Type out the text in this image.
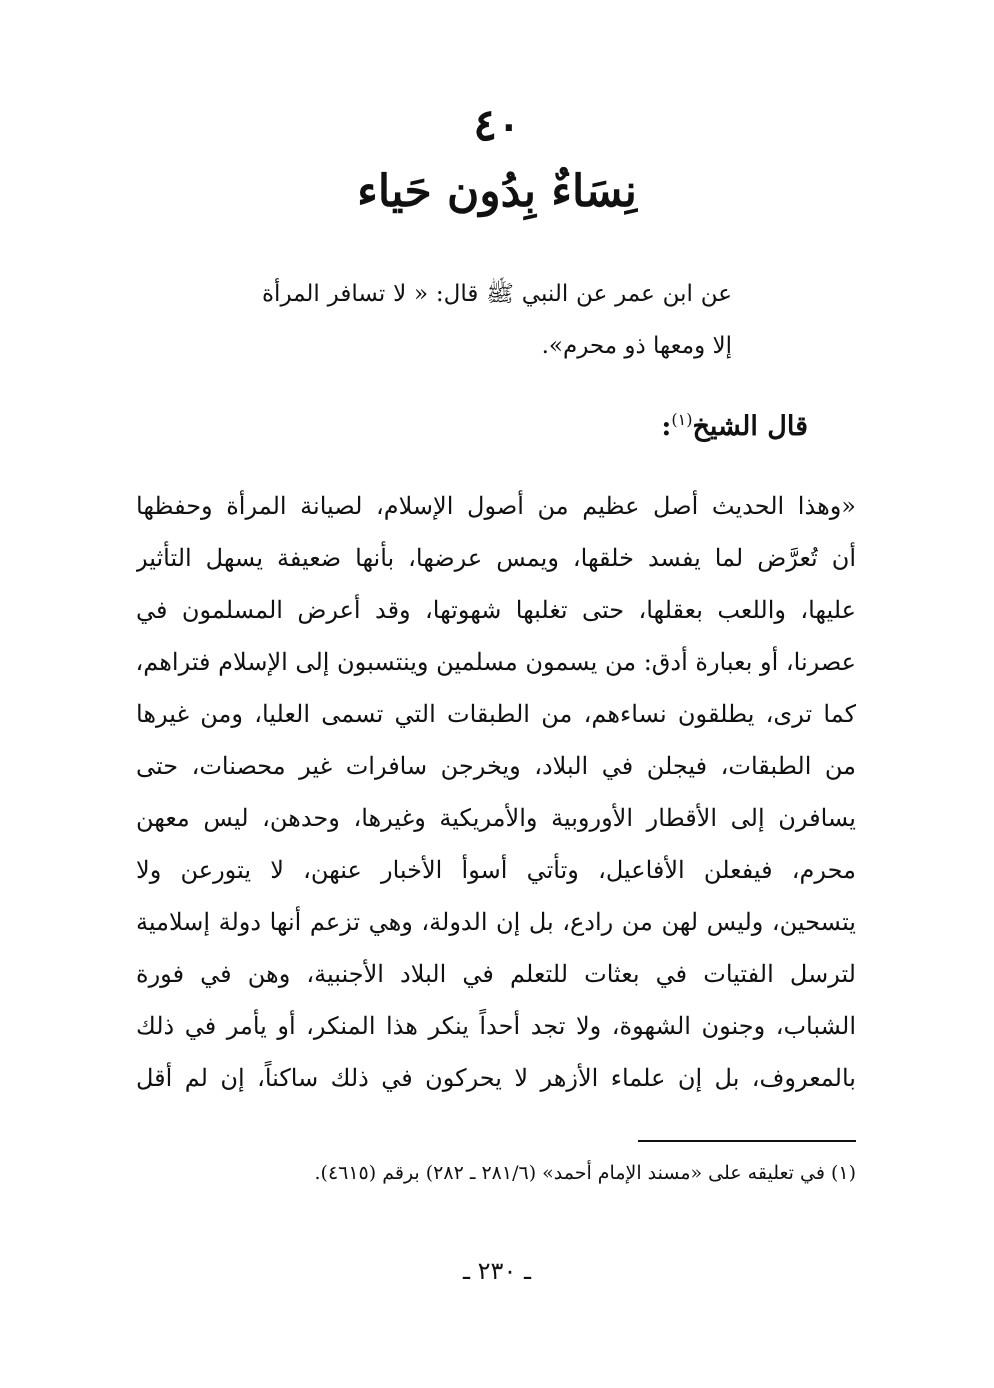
٤٠
نِسَاءٌ بِدُون حَياء

عن ابن عمر عن النبي ﷺ قال: « لا تسافر المرأة إلا ومعها ذو محرم».

قال الشيخ$^{(١)}$:
«وهذا الحديث أصل عظيم من أصول الإسلام، لصيانة المرأة وحفظها
أن تُعرَّض لما يفسد خلقها، ويمس عرضها، بأنها ضعيفة يسهل التأثير
عليها، واللعب بعقلها، حتى تغلبها شهوتها، وقد أعرض المسلمون في
عصرنا، أو بعبارة أدق: من يسمون مسلمين وينتسبون إلى الإسلام فتراهم،
كما ترى، يطلقون نساءهم، من الطبقات التي تسمى العليا، ومن غيرها
من الطبقات، فيجلن في البلاد، ويخرجن سافرات غير محصنات، حتى
يسافرن إلى الأقطار الأوروبية والأمريكية وغيرها، وحدهن، ليس معهن
محرم، فيفعلن الأفاعيل، وتأتي أسوأ الأخبار عنهن، لا يتورعن ولا
يتسحين، وليس لهن من رادع، بل إن الدولة، وهي تزعم أنها دولة إسلامية
لترسل الفتيات في بعثات للتعلم في البلاد الأجنبية، وهن في فورة
الشباب، وجنون الشهوة، ولا تجد أحداً ينكر هذا المنكر، أو يأمر في ذلك
بالمعروف، بل إن علماء الأزهر لا يحركون في ذلك ساكناً، إن لم أقل

(١) في تعليقه على «مسند الإمام أحمد» (٢٨١/٦ ـ ٢٨٢) برقم (٤٦١٥).

ـ ٢٣٠ ـ
